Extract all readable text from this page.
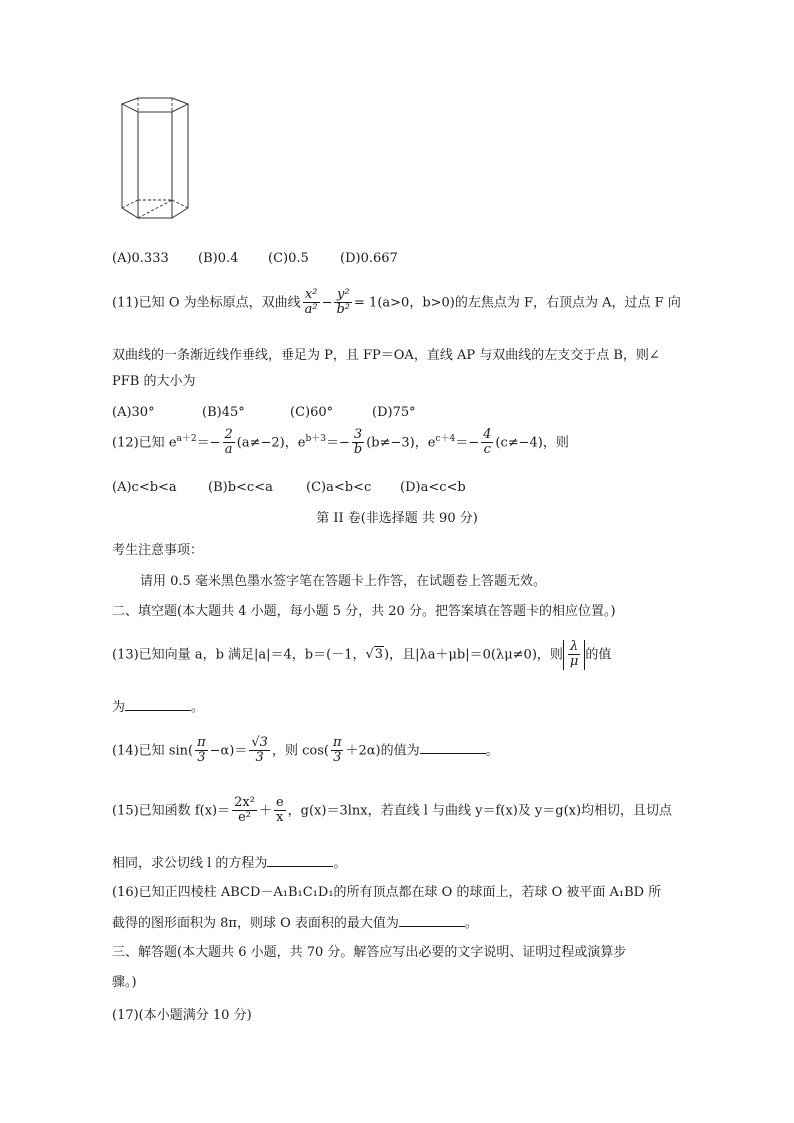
(A)0.333 (B)0.4 (C)0.5 (D)0.667
(11)已知 O 为坐标原点，双曲线 $\frac{\text{x²}}{\text{a²}} - \frac{\text{y²}}{\text{b²}} = 1(a>0$，b>0)的左焦点为 F，右顶点为 A，过点 F 向
双曲线的一条渐近线作垂线，垂足为 P，且 FP＝OA，直线 AP 与双曲线的左支交于点 B，则∠
PFB 的大小为
(A)30°	(B)45°	(C)60°	(D)75°
(12)已知 $e^{a+2}=- \frac{2}{a} (a\ne-2)$，$e^{b+3}=- \frac{3}{b} (b\ne-3)$，$e^{c+4}=- \frac{4}{c} (c\ne-4)$，则
(A)c<b<a (B)b<c<a	(C)a<b<c (D)a<c<b
第 II 卷(非选择题 共 90 分)
考生注意事项：
请用 0.5 毫米黑色墨水签字笔在答题卡上作答，在试题卷上答题无效。
二、填空题(本大题共 4 小题，每小题 5 分，共 20 分。把答案填在答题卡的相应位置。)
(13)已知向量 a，b 满足|a|＝4，b＝(－1，√3)，且|λa＋μb|＝0(λμ≠0)，则 $\frac{\lambda}{\mu}$ 的值
为	。
(14)已知 $\sin( \frac{\pi}{3} -\alpha)= \frac{√3}{3}$ ，则 $\cos( \frac{\pi}{3} +2\alpha)$的值为	。
(15)已知函数 $f(x)= \frac{\text{2x²}}{\text{e²}} + \frac{e}{x}$ ，g(x)＝3lnx，若直线 l 与曲线 y＝f(x)及 y＝g(x)均相切，且切点
相同，求公切线 l 的方程为	。
(16)已知正四棱柱 ABCD－A₁B₁C₁D₁的所有顶点都在球 O 的球面上，若球 O 被平面 A₁BD 所
截得的图形面积为 8π，则球 O 表面积的最大值为	。
三、解答题(本大题共 6 小题，共 70 分。解答应写出必要的文字说明、证明过程或演算步
骤。)
(17)(本小题满分 10 分)
